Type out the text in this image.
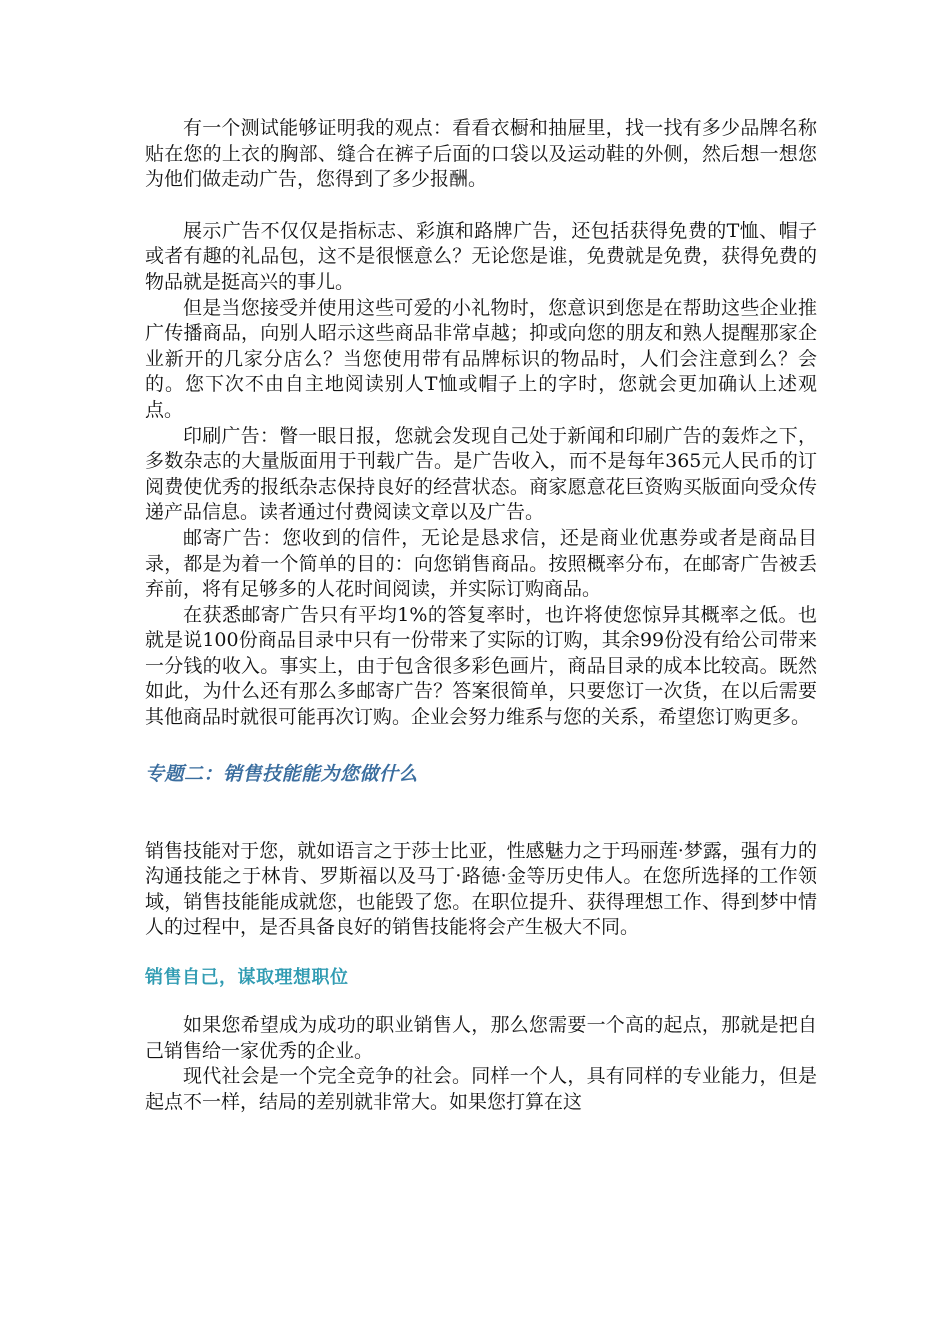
有一个测试能够证明我的观点：看看衣橱和抽屉里，找一找有多少品牌名称贴在您的上衣的胸部、缝合在裤子后面的口袋以及运动鞋的外侧，然后想一想您为他们做走动广告，您得到了多少报酬。

展示广告不仅仅是指标志、彩旗和路牌广告，还包括获得免费的T恤、帽子或者有趣的礼品包，这不是很惬意么？无论您是谁，免费就是免费，获得免费的物品就是挺高兴的事儿。

但是当您接受并使用这些可爱的小礼物时，您意识到您是在帮助这些企业推广传播商品，向别人昭示这些商品非常卓越；抑或向您的朋友和熟人提醒那家企业新开的几家分店么？当您使用带有品牌标识的物品时，人们会注意到么？会的。您下次不由自主地阅读别人T恤或帽子上的字时，您就会更加确认上述观点。

印刷广告：瞥一眼日报，您就会发现自己处于新闻和印刷广告的轰炸之下，多数杂志的大量版面用于刊载广告。是广告收入，而不是每年365元人民币的订阅费使优秀的报纸杂志保持良好的经营状态。商家愿意花巨资购买版面向受众传递产品信息。读者通过付费阅读文章以及广告。

邮寄广告：您收到的信件，无论是恳求信，还是商业优惠券或者是商品目录，都是为着一个简单的目的：向您销售商品。按照概率分布，在邮寄广告被丢弃前，将有足够多的人花时间阅读，并实际订购商品。

在获悉邮寄广告只有平均1%的答复率时，也许将使您惊异其概率之低。也就是说100份商品目录中只有一份带来了实际的订购，其余99份没有给公司带来一分钱的收入。事实上，由于包含很多彩色画片，商品目录的成本比较高。既然如此，为什么还有那么多邮寄广告？答案很简单，只要您订一次货，在以后需要其他商品时就很可能再次订购。企业会努力维系与您的关系，希望您订购更多。

专题二：销售技能能为您做什么

销售技能对于您，就如语言之于莎士比亚，性感魅力之于玛丽莲·梦露，强有力的沟通技能之于林肯、罗斯福以及马丁·路德·金等历史伟人。在您所选择的工作领域，销售技能能成就您，也能毁了您。在职位提升、获得理想工作、得到梦中情人的过程中，是否具备良好的销售技能将会产生极大不同。

销售自己，谋取理想职位

如果您希望成为成功的职业销售人，那么您需要一个高的起点，那就是把自己销售给一家优秀的企业。

现代社会是一个完全竞争的社会。同样一个人，具有同样的专业能力，但是起点不一样，结局的差别就非常大。如果您打算在这
